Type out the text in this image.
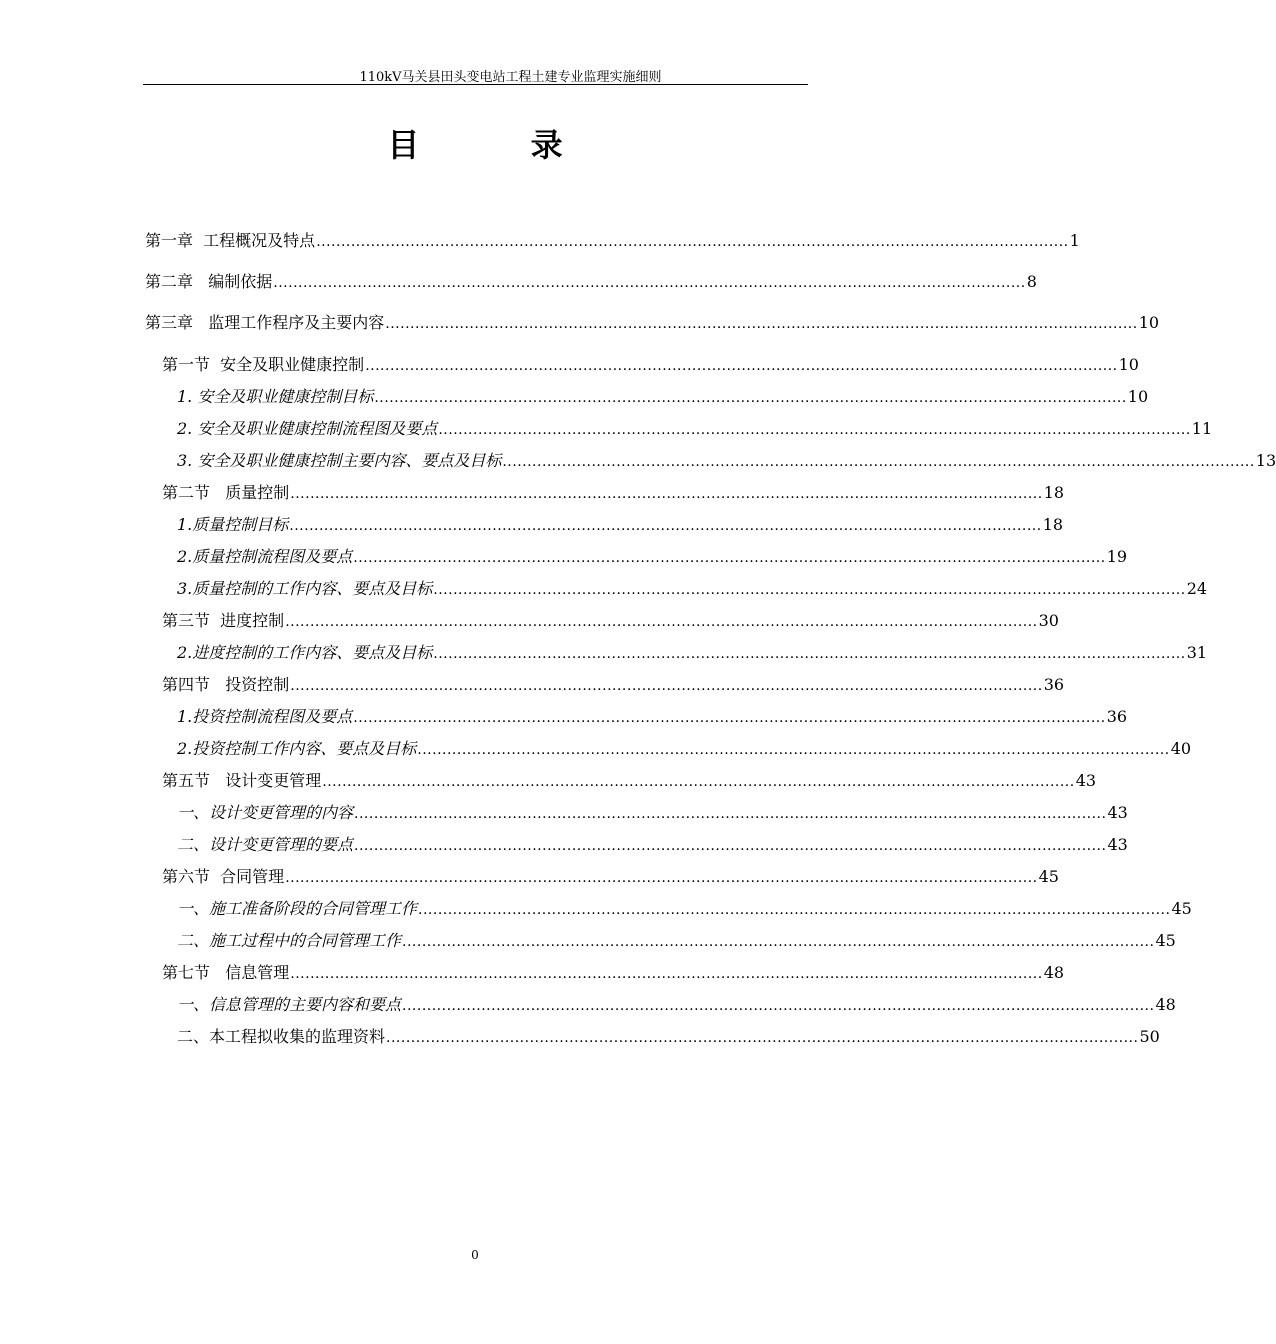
110kV马关县田头变电站工程土建专业监理实施细则
目 录
第一章  工程概况及特点 ........................................................................................................................................................ 1
第二章   编制依据 ........................................................................................................................................................ 8
第三章   监理工作程序及主要内容 ........................................................................................................................................................ 10
第一节  安全及职业健康控制 ........................................................................................................................................................ 10
1. 安全及职业健康控制目标 ........................................................................................................................................................ 10
2. 安全及职业健康控制流程图及要点 ........................................................................................................................................................ 11
3. 安全及职业健康控制主要内容、要点及目标 ........................................................................................................................................................ 13
第二节   质量控制 ........................................................................................................................................................ 18
1.质量控制目标 ........................................................................................................................................................ 18
2.质量控制流程图及要点 ........................................................................................................................................................ 19
3.质量控制的工作内容、要点及目标 ........................................................................................................................................................ 24
第三节  进度控制 ........................................................................................................................................................ 30
2.进度控制的工作内容、要点及目标 ........................................................................................................................................................ 31
第四节   投资控制 ........................................................................................................................................................ 36
1.投资控制流程图及要点 ........................................................................................................................................................ 36
2.投资控制工作内容、要点及目标 ........................................................................................................................................................ 40
第五节   设计变更管理 ........................................................................................................................................................ 43
一、设计变更管理的内容 ........................................................................................................................................................ 43
二、设计变更管理的要点 ........................................................................................................................................................ 43
第六节  合同管理 ........................................................................................................................................................ 45
一、施工准备阶段的合同管理工作 ........................................................................................................................................................ 45
二、施工过程中的合同管理工作 ........................................................................................................................................................ 45
第七节   信息管理 ........................................................................................................................................................ 48
一、信息管理的主要内容和要点 ........................................................................................................................................................ 48
二、本工程拟收集的监理资料 ........................................................................................................................................................ 50
0
